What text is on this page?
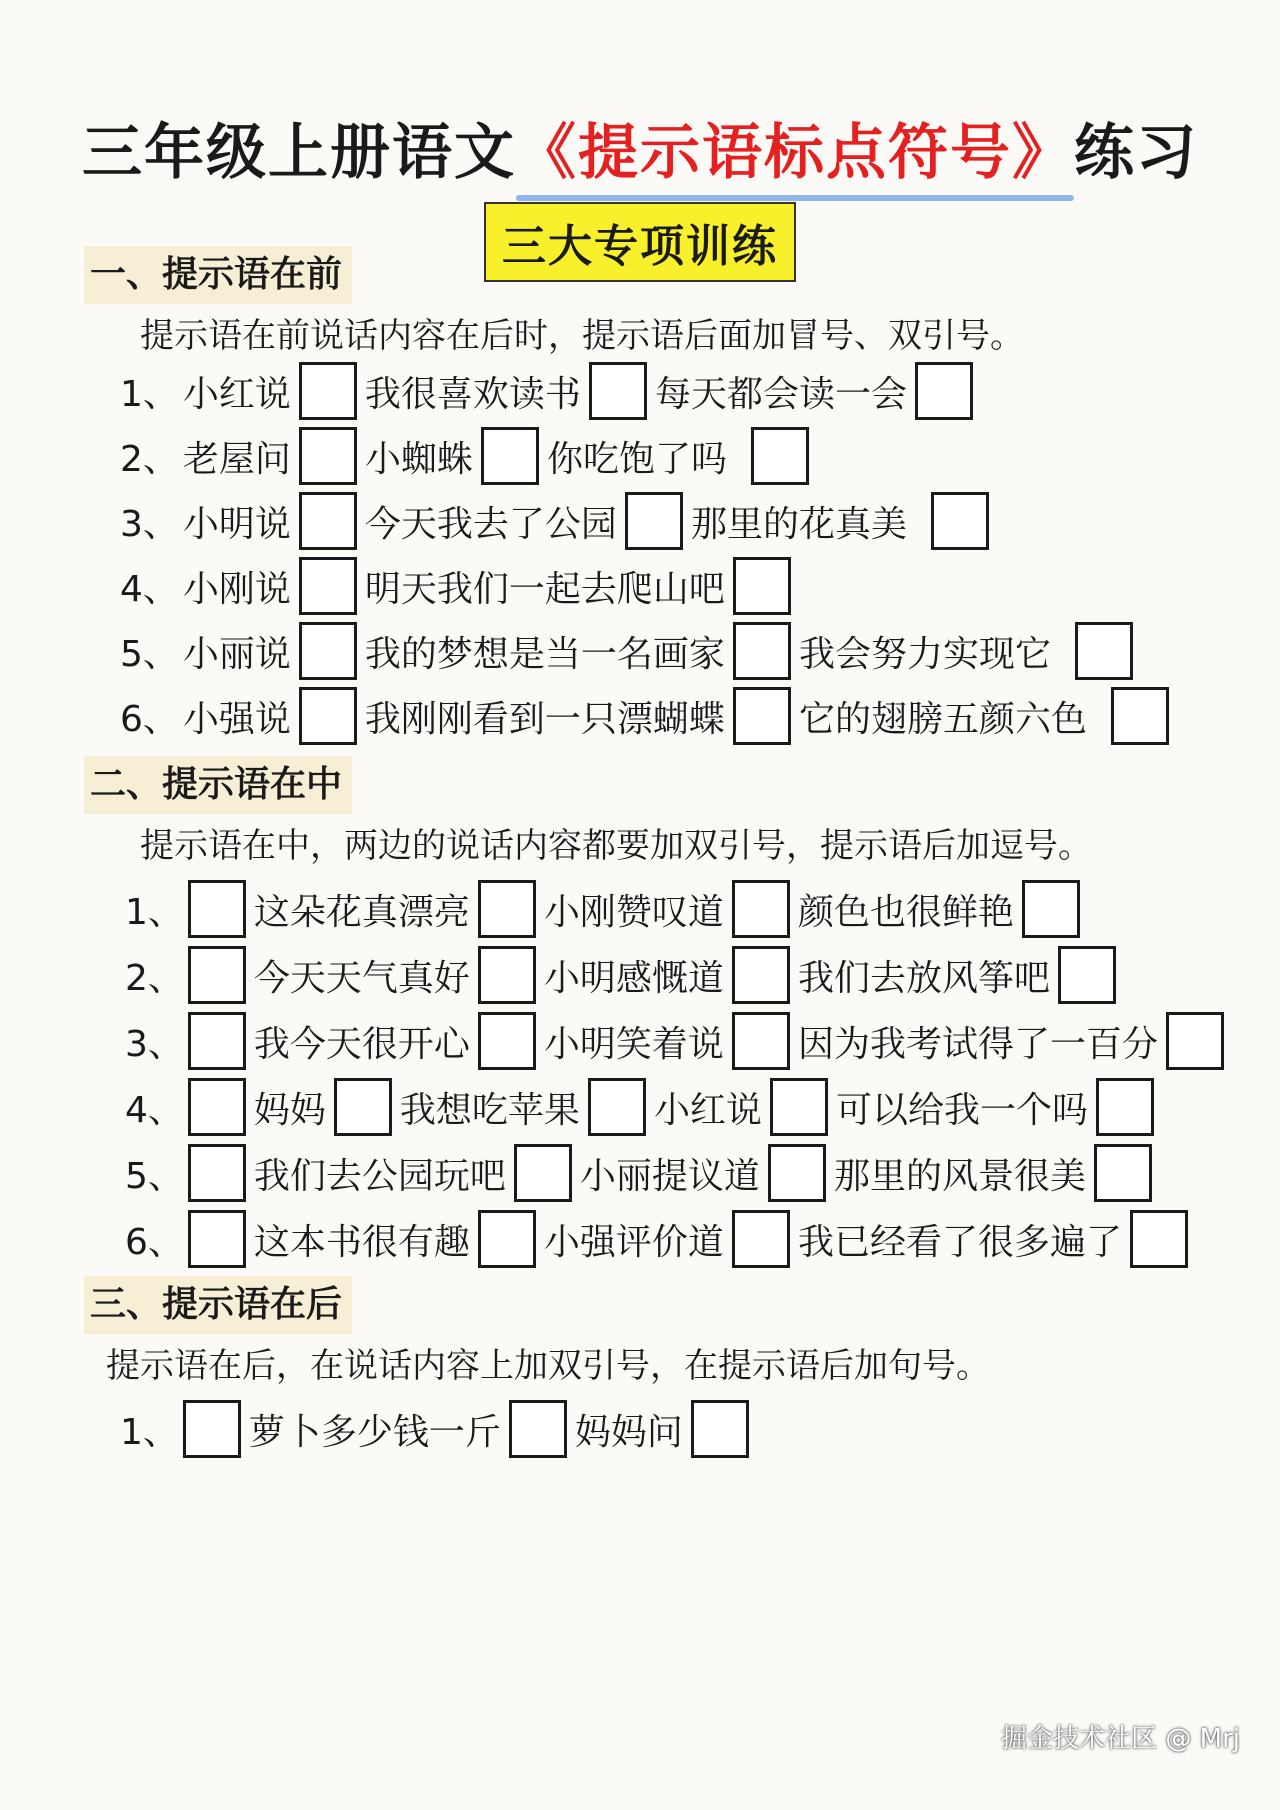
三年级上册语文《提示语标点符号》练习
三大专项训练
一、提示语在前
提示语在前说话内容在后时，提示语后面加冒号、双引号。
1、 小红说 我很喜欢读书 每天都会读一会
2、 老屋问 小蜘蛛 你吃饱了吗
3、 小明说 今天我去了公园 那里的花真美
4、 小刚说 明天我们一起去爬山吧
5、 小丽说 我的梦想是当一名画家 我会努力实现它
6、 小强说 我刚刚看到一只漂蝴蝶 它的翅膀五颜六色
二、提示语在中
提示语在中，两边的说话内容都要加双引号，提示语后加逗号。
1、 这朵花真漂亮 小刚赞叹道 颜色也很鲜艳
2、 今天天气真好 小明感慨道 我们去放风筝吧
3、 我今天很开心 小明笑着说 因为我考试得了一百分
4、 妈妈 我想吃苹果 小红说 可以给我一个吗
5、 我们去公园玩吧 小丽提议道 那里的风景很美
6、 这本书很有趣 小强评价道 我已经看了很多遍了
三、提示语在后
提示语在后，在说话内容上加双引号，在提示语后加句号。
1、 萝卜多少钱一斤 妈妈问
掘金技术社区 @ Mrj
